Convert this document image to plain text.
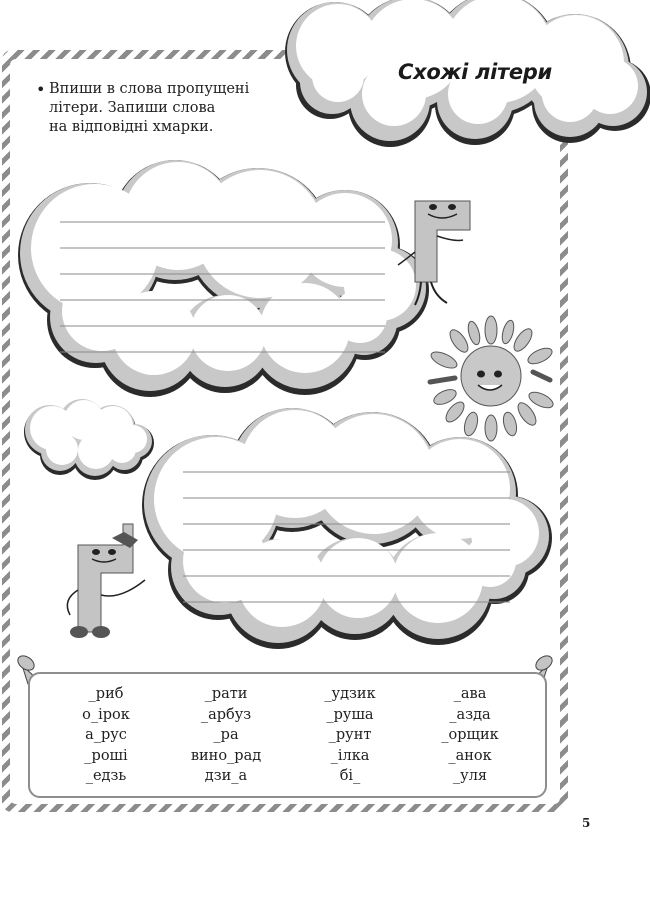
Схожі літери
• Впиши в слова пропущені
літери. Запиши слова
на відповідні хмарки.
_риб
о_ірок
а_рус
_роші
_едзь
_рати
_арбуз
_ра
вино_рад
дзи_а
_удзик
_руша
_рунт
_ілка
бі_
_ава
_азда
_орщик
_анок
_уля
5
